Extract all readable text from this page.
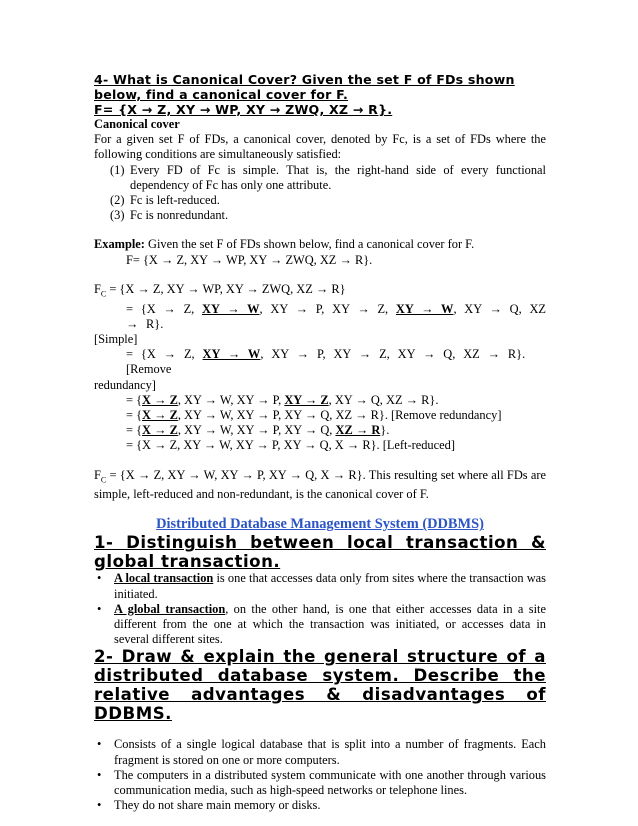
4- What is Canonical Cover? Given the set F of FDs shown
below, find a canonical cover for F.
F= {X → Z, XY → WP, XY → ZWQ, XZ → R}.
Canonical cover
For a given set F of FDs, a canonical cover, denoted by Fc, is a set of FDs where the following conditions are simultaneously satisfied:
(1) Every FD of Fc is simple. That is, the right-hand side of every functional dependency of Fc has only one attribute.
(2) Fc is left-reduced.
(3) Fc is nonredundant.
Example: Given the set F of FDs shown below, find a canonical cover for F.
F= {X → Z, XY → WP, XY → ZWQ, XZ → R}.
$F_C = \{X \to Z$, XY → WP, XY → ZWQ, XZ → R}
= {X → Z, XY → W, XY → P, XY → Z, XY → W, XY → Q, XZ → R}.
[Simple]
= {X → Z, XY → W, XY → P, XY → Z, XY → Q, XZ → R}. [Remove
redundancy]
= {X → Z, XY → W, XY → P, XY → Z, XY → Q, XZ → R}.
= {X → Z, XY → W, XY → P, XY → Q, XZ → R}. [Remove redundancy]
= {X → Z, XY → W, XY → P, XY → Q, XZ → R}.
= {X → Z, XY → W, XY → P, XY → Q, X → R}. [Left-reduced]
$F_C = \{X \to Z$, XY → W, XY → P, XY → Q, X → R}. This resulting set where all FDs are simple, left-reduced and non-redundant, is the canonical cover of F.
Distributed Database Management System (DDBMS)
1- Distinguish between local transaction & global transaction.
• A local transaction is one that accesses data only from sites where the transaction was initiated.
• A global transaction, on the other hand, is one that either accesses data in a site different from the one at which the transaction was initiated, or accesses data in several different sites.
2- Draw & explain the general structure of a distributed database system. Describe the relative advantages & disadvantages of DDBMS.
• Consists of a single logical database that is split into a number of fragments. Each fragment is stored on one or more computers.
• The computers in a distributed system communicate with one another through various communication media, such as high-speed networks or telephone lines.
• They do not share main memory or disks.
